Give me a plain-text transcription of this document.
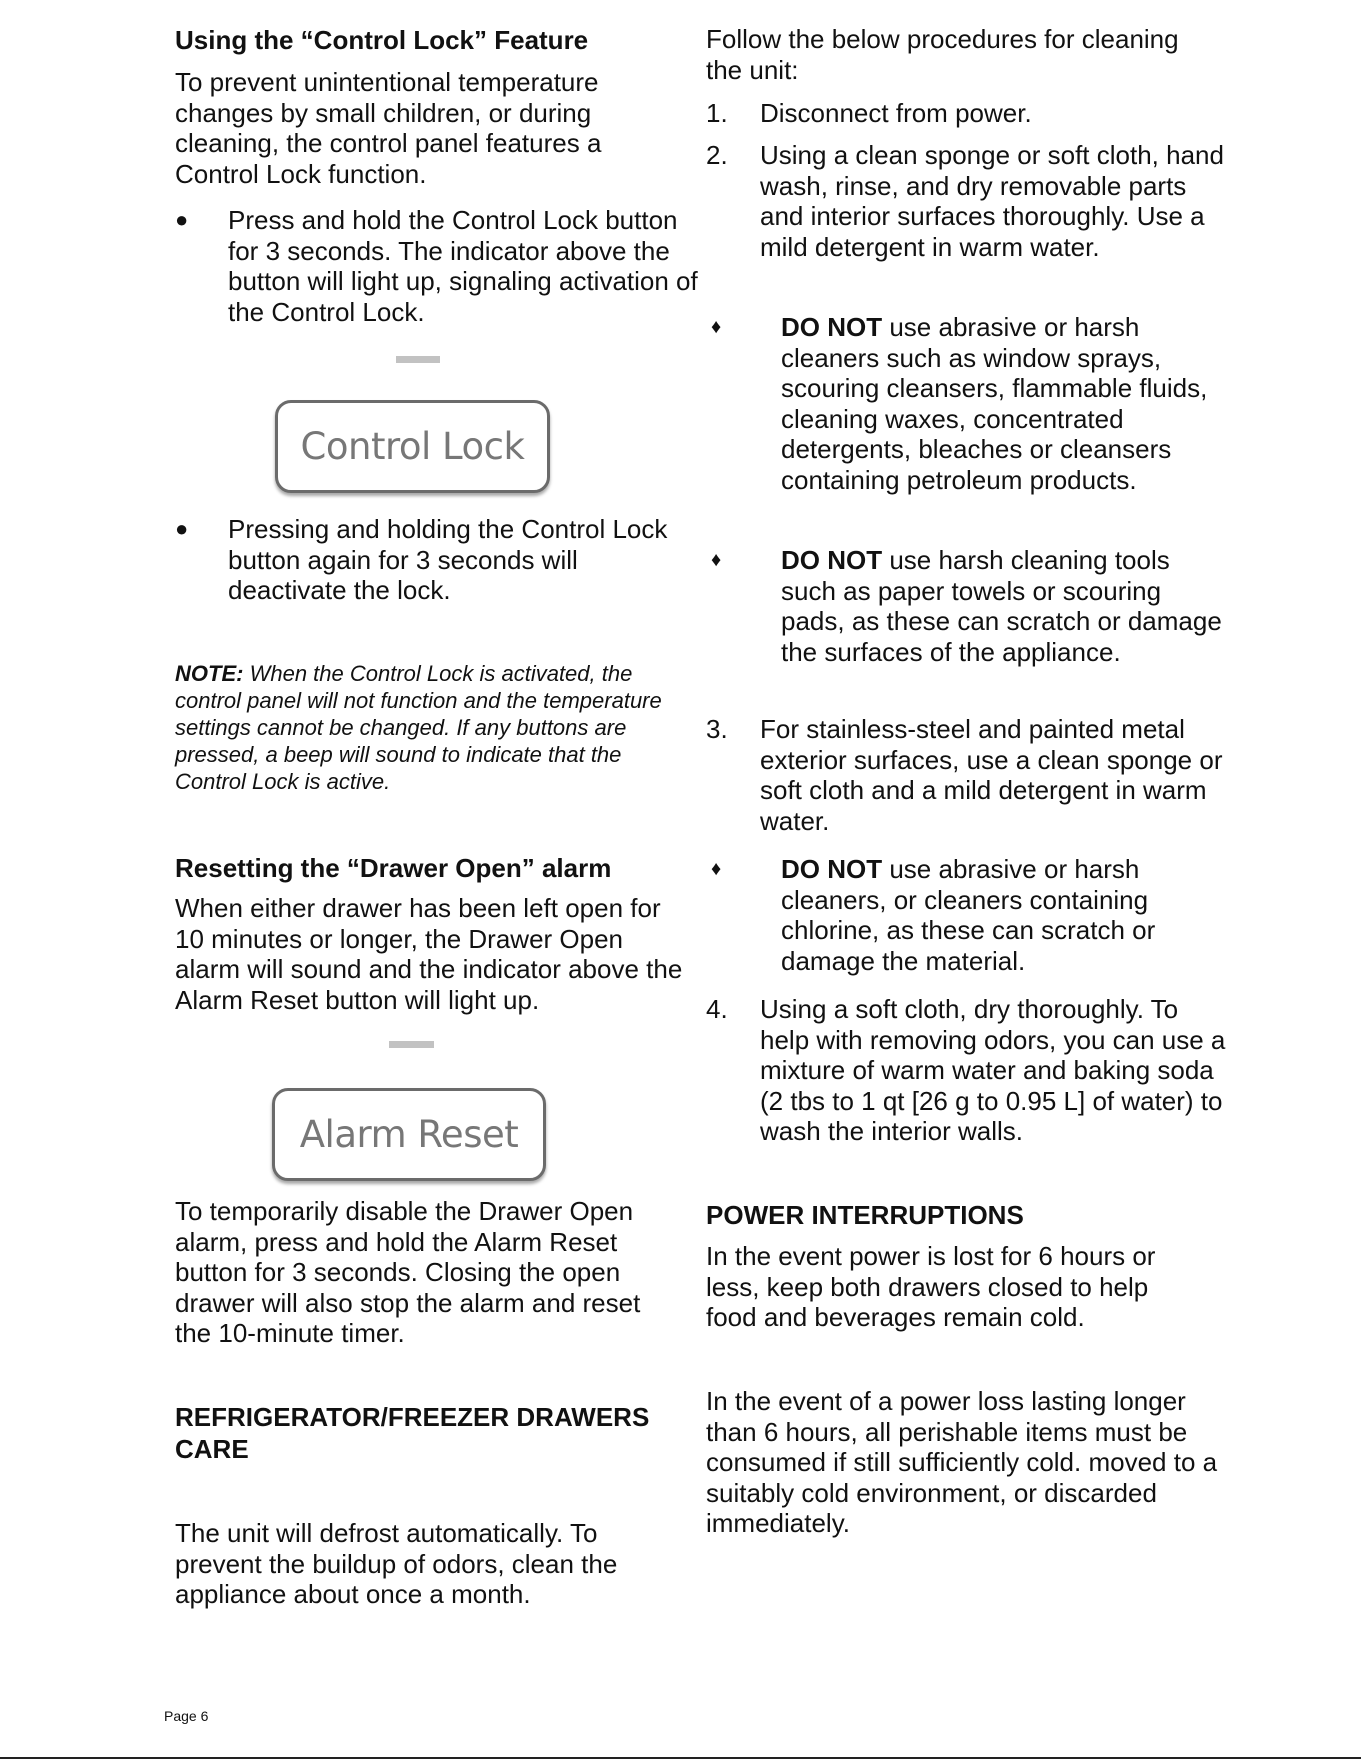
Using the “Control Lock” Feature

To prevent unintentional temperature changes by small children, or during cleaning, the control panel features a Control Lock function.

● Press and hold the Control Lock button for 3 seconds. The indicator above the button will light up, signaling activation of the Control Lock.
Control Lock
● Pressing and holding the Control Lock button again for 3 seconds will deactivate the lock.

NOTE: When the Control Lock is activated, the control panel will not function and the temperature settings cannot be changed. If any buttons are pressed, a beep will sound to indicate that the Control Lock is active.

Resetting the “Drawer Open” alarm

When either drawer has been left open for 10 minutes or longer, the Drawer Open alarm will sound and the indicator above the Alarm Reset button will light up.

Alarm Reset

To temporarily disable the Drawer Open alarm, press and hold the Alarm Reset button for 3 seconds. Closing the open drawer will also stop the alarm and reset the 10-minute timer.

REFRIGERATOR/FREEZER DRAWERS CARE

The unit will defrost automatically. To prevent the buildup of odors, clean the appliance about once a month.

Follow the below procedures for cleaning the unit:

1. Disconnect from power.
2. Using a clean sponge or soft cloth, hand wash, rinse, and dry removable parts and interior surfaces thoroughly. Use a mild detergent in warm water.
♦ DO NOT use abrasive or harsh cleaners such as window sprays, scouring cleansers, flammable fluids, cleaning waxes, concentrated detergents, bleaches or cleansers containing petroleum products.
♦ DO NOT use harsh cleaning tools such as paper towels or scouring pads, as these can scratch or damage the surfaces of the appliance.
3. For stainless-steel and painted metal exterior surfaces, use a clean sponge or soft cloth and a mild detergent in warm water.
♦ DO NOT use abrasive or harsh cleaners, or cleaners containing chlorine, as these can scratch or damage the material.
4. Using a soft cloth, dry thoroughly. To help with removing odors, you can use a mixture of warm water and baking soda (2 tbs to 1 qt [26 g to 0.95 L] of water) to wash the interior walls.
POWER INTERRUPTIONS

In the event power is lost for 6 hours or less, keep both drawers closed to help food and beverages remain cold.

In the event of a power loss lasting longer than 6 hours, all perishable items must be consumed if still sufficiently cold. moved to a suitably cold environment, or discarded immediately.

Page 6
